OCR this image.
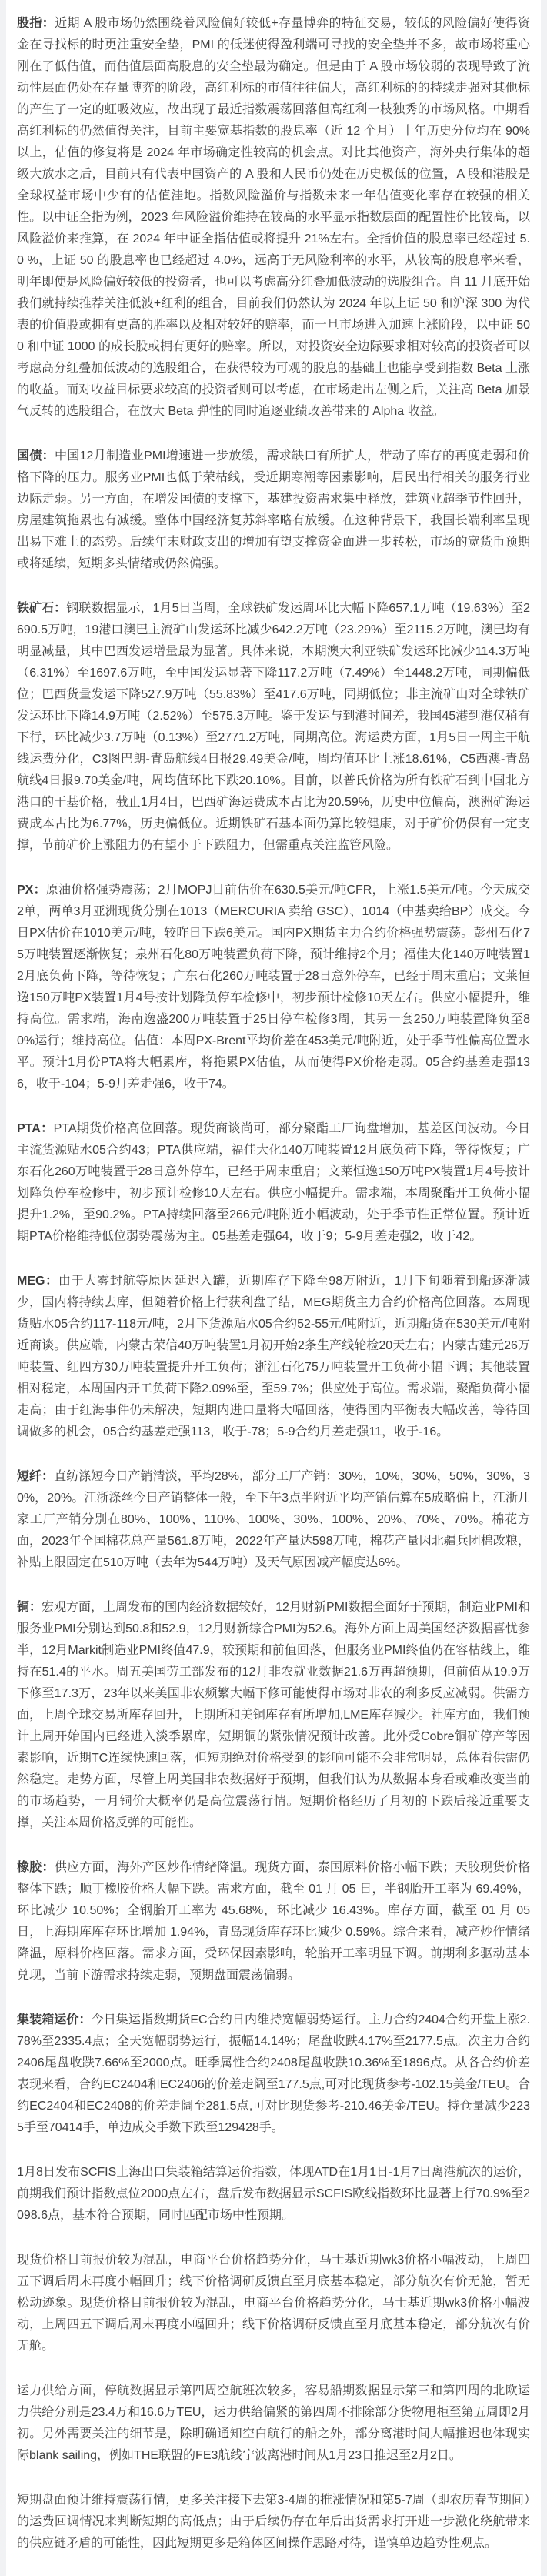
股指：近期 A 股市场仍然围绕着风险偏好较低+存量博弈的特征交易，较低的风险偏好使得资金在寻找标的时更注重安全垫，PMI 的低迷使得盈利端可寻找的安全垫并不多，故市场将重心刚在了低估值，而估值层面高股息的安全垫最为确定。但是由于 A 股市场较弱的表现导致了流动性层面仍处在存量博弈的阶段，高红利标的市值往往偏大，高红利标的的持续走强对其他标的产生了一定的虹吸效应，故出现了最近指数震荡回落但高红利一枝独秀的市场风格。中期看高红利标的仍然值得关注，目前主要宽基指数的股息率（近 12 个月）十年历史分位均在 90%以上，估值的修复将是 2024 年市场确定性较高的机会点。对比其他资产，海外央行集体的超级大放水之后，目前只有代表中国资产的 A 股和人民币仍处在历史极低的位置，A 股和港股是全球权益市场中少有的估值洼地。指数风险溢价与指数未来一年估值变化率存在较强的相关性。以中证全指为例，2023 年风险溢价维持在较高的水平显示指数层面的配置性价比较高，以风险溢价来推算，在 2024 年中证全指估值或将提升 21%左右。全指价值的股息率已经超过 5.0 %，上证 50 的股息率也已经超过 4.0%，远高于无风险利率的水平，从较高的股息率来看，明年即便是风险偏好较低的投资者，也可以考虑高分红叠加低波动的选股组合。自 11 月底开始我们就持续推荐关注低波+红利的组合，目前我们仍然认为 2024 年以上证 50 和沪深 300 为代表的价值股或拥有更高的胜率以及相对较好的赔率，而一旦市场进入加速上涨阶段，以中证 500 和中证 1000 的成长股或拥有更好的赔率。所以，对投资安全边际要求相对较高的投资者可以考虑高分红叠加低波动的选股组合，在获得较为可观的股息的基础上也能享受到指数 Beta 上涨的收益。而对收益目标要求较高的投资者则可以考虑，在市场走出左侧之后，关注高 Beta 加景气反转的选股组合，在放大 Beta 弹性的同时追逐业绩改善带来的 Alpha 收益。

国债：中国12月制造业PMI增速进一步放缓，需求缺口有所扩大，带动了库存的再度走弱和价格下降的压力。服务业PMI也低于荣枯线，受近期寒潮等因素影响，居民出行相关的服务行业边际走弱。另一方面，在增发国债的支撑下，基建投资需求集中释放，建筑业超季节性回升，房屋建筑拖累也有减缓。整体中国经济复苏斜率略有放缓。在这种背景下，我国长端利率呈现出易下难上的态势。后续年末财政支出的增加有望支撑资金面进一步转松，市场的宽货币预期或将延续，短期多头情绪或仍然偏强。

铁矿石：钢联数据显示，1月5日当周，全球铁矿发运周环比大幅下降657.1万吨（19.63%）至2690.5万吨，19港口澳巴主流矿山发运环比减少642.2万吨（23.29%）至2115.2万吨，澳巴均有明显减量，其中巴西发运增量最为显著。具体来说，本期澳大利亚铁矿发运环比减少114.3万吨（6.31%）至1697.6万吨，至中国发运显著下降117.2万吨（7.49%）至1448.2万吨，同期偏低位；巴西货量发运下降527.9万吨（55.83%）至417.6万吨，同期低位；非主流矿山对全球铁矿发运环比下降14.9万吨（2.52%）至575.3万吨。鉴于发运与到港时间差，我国45港到港仅稍有下行，环比减少3.7万吨（0.13%）至2771.2万吨，同期高位。海运费方面，1月5日一周主干航线运费分化，C3图巴朗-青岛航线4日报29.49美金/吨，周均值环比上涨18.61%，C5西澳-青岛航线4日报9.70美金/吨，周均值环比下跌20.10%。目前，以普氏价格为所有铁矿石到中国北方港口的干基价格，截止1月4日，巴西矿海运费成本占比为20.59%，历史中位偏高，澳洲矿海运费成本占比为6.77%，历史偏低位。近期铁矿石基本面仍算比较健康，对于矿价仍保有一定支撑，节前矿价上涨阻力仍有望小于下跌阻力，但需重点关注监管风险。

PX：原油价格强势震荡；2月MOPJ目前估价在630.5美元/吨CFR，上涨1.5美元/吨。今天成交2单，两单3月亚洲现货分别在1013（MERCURIA 卖给 GSC）、1014（中基卖给BP）成交。今日PX估价在1010美元/吨，较昨日下跌6美元。国内PX期货主力合约价格强势震荡。彭州石化75万吨装置逐渐恢复；泉州石化80万吨装置负荷下降，预计维持2个月；福佳大化140万吨装置12月底负荷下降，等待恢复；广东石化260万吨装置于28日意外停车，已经于周末重启；文莱恒逸150万吨PX装置1月4号按计划降负停车检修中，初步预计检修10天左右。供应小幅提升，维持高位。需求端，海南逸盛200万吨装置于25日停车检修3周，其另一套250万吨装置降负至80%运行；维持高位。估值：本周PX-Brent平均价差在453美元/吨附近，处于季节性偏高位置水平。预计1月份PTA将大幅累库，将拖累PX估值，从而使得PX价格走弱。05合约基差走强136，收于-104；5-9月差走强6，收于74。

PTA：PTA期货价格高位回落。现货商谈尚可，部分聚酯工厂询盘增加，基差区间波动。今日主流货源贴水05合约43；PTA供应端，福佳大化140万吨装置12月底负荷下降，等待恢复；广东石化260万吨装置于28日意外停车，已经于周末重启；文莱恒逸150万吨PX装置1月4号按计划降负停车检修中，初步预计检修10天左右。供应小幅提升。需求端，本周聚酯开工负荷小幅提升1.2%，至90.2%。PTA持续回落至266元/吨附近小幅波动，处于季节性正常位置。预计近期PTA价格维持低位弱势震荡为主。05基差走强64，收于9；5-9月差走强2，收于42。

MEG：由于大雾封航等原因延迟入罐，近期库存下降至98万附近，1月下旬随着到船逐渐减少，国内将持续去库，但随着价格上行获利盘了结，MEG期货主力合约价格高位回落。本周现货贴水05合约117-118元/吨，2月下货源贴水05合约52-55元/吨附近，近期船货在530美元/吨附近商谈。供应端，内蒙古荣信40万吨装置1月初开始2条生产线轮检20天左右；内蒙古建元26万吨装置、红四方30万吨装置提升开工负荷；浙江石化75万吨装置开工负荷小幅下调；其他装置相对稳定，本周国内开工负荷下降2.09%至，至59.7%；供应处于高位。需求端，聚酯负荷小幅走高；由于红海事件仍未解决，短期内进口量将大幅回落，使得国内平衡表大幅改善，等待回调做多的机会，05合约基差走强113，收于-78；5-9合约月差走强11，收于-16。

短纤：直纺涤短今日产销清淡，平均28%，部分工厂产销：30%，10%，30%，50%，30%，30%，20%。江浙涤丝今日产销整体一般，至下午3点半附近平均产销估算在5成略偏上，江浙几家工厂产销分别在80%、100%、110%、100%、30%、100%、20%、70%、70%。棉花方面，2023年全国棉花总产量561.8万吨，2022年产量达598万吨，棉花产量因北疆兵团棉改粮，补贴上限固定在510万吨（去年为544万吨）及天气原因减产幅度达6%。

铜：宏观方面，上周发布的国内经济数据较好，12月财新PMI数据全面好于预期，制造业PMI和服务业PMI分别达到50.8和52.9，12月财新综合PMI为52.6。海外方面上周美国经济数据喜忧参半，12月Markit制造业PMI终值47.9，较预期和前值回落，但服务业PMI终值仍在容枯线上，维持在51.4的平水。周五美国劳工部发布的12月非农就业数据21.6万再超预期，但前值从19.9万下修至17.3万，23年以来美国非农频繁大幅下修可能使得市场对非农的利多反应减弱。供需方面，上周全球交易所库存回升，上期所和美铜库存有所增加,LME库存减少。社库方面，我们预计上周开始国内已经进入淡季累库，短期铜的紧张情况预计改善。此外受Cobre铜矿停产等因素影响，近期TC连续快速回落，但短期绝对价格受到的影响可能不会非常明显，总体看供需仍然稳定。走势方面，尽管上周美国非农数据好于预期，但我们认为从数据本身看或难改变当前的市场趋势，一月铜价大概率仍是高位震荡行情。短期价格经历了月初的下跌后接近重要支撑，关注本周价格反弹的可能性。

橡胶：供应方面，海外产区炒作情绪降温。现货方面，泰国原料价格小幅下跌；天胶现货价格整体下跌；顺丁橡胶价格大幅下跌。需求方面，截至 01 月 05 日，半钢胎开工率为 69.49%，环比减少 10.50%；全钢胎开工率为 45.68%，环比减少 16.43%。库存方面，截至 01 月 05 日，上海期库库存环比增加 1.94%，青岛现货库存环比减少 0.59%。综合来看，减产炒作情绪降温，原料价格回落。需求方面，受环保因素影响，轮胎开工率明显下调。前期利多驱动基本兑现，当前下游需求持续走弱，预期盘面震荡偏弱。

集装箱运价：今日集运指数期货EC合约日内维持宽幅弱势运行。主力合约2404合约开盘上涨2.78%至2335.4点；全天宽幅弱势运行，振幅14.14%；尾盘收跌4.17%至2177.5点。次主力合约2406尾盘收跌7.66%至2000点。旺季属性合约2408尾盘收跌10.36%至1896点。从各合约价差表现来看，合约EC2404和EC2406的价差走阔至177.5点,可对比现货参考-102.15美金/TEU。合约EC2404和EC2408的价差走阔至281.5点,可对比现货参考-210.46美金/TEU。持仓量减少2235手至70414手，单边成交手数下跌至129428手。

1月8日发布SCFIS上海出口集装箱结算运价指数，体现ATD在1月1日-1月7日离港航次的运价，前期我们预计指数点位2000点左右，盘后发布数据显示SCFIS欧线指数环比显著上行70.9%至2098.6点，基本符合预期，同时匹配市场中性预期。

现货价格目前报价较为混乱，电商平台价格趋势分化，马士基近期wk3价格小幅波动，上周四五下调后周末再度小幅回升；线下价格调研反馈直至月底基本稳定，部分航次有价无舱，暂无松动迹象。现货价格目前报价较为混乱，电商平台价格趋势分化，马士基近期wk3价格小幅波动，上周四五下调后周末再度小幅回升；线下价格调研反馈直至月底基本稳定，部分航次有价无舱。

运力供给方面，停航数据显示第四周空航班次较多，容易船期数据显示第三和第四周的北欧运力供给分别是23.4万和16.6万TEU，运力供给偏紧的第四周不排除部分货物甩柜至第五周即2月初。另外需要关注的细节是，除明确通知空白航行的船之外，部分离港时间大幅推迟也体现实际blank sailing，例如THE联盟的FE3航线宁波离港时间从1月23日推迟至2月2日。

短期盘面预计维持震荡行情，更多关注接下去第3-4周的推涨情况和第5-7周（即农历春节期间）的运费回调情况来判断短期的高低点；由于后续仍存在年后出货需求打开进一步激化绕航带来的供应链矛盾的可能性，因此短期更多是箱体区间操作思路对待，谨慎单边趋势性观点。
